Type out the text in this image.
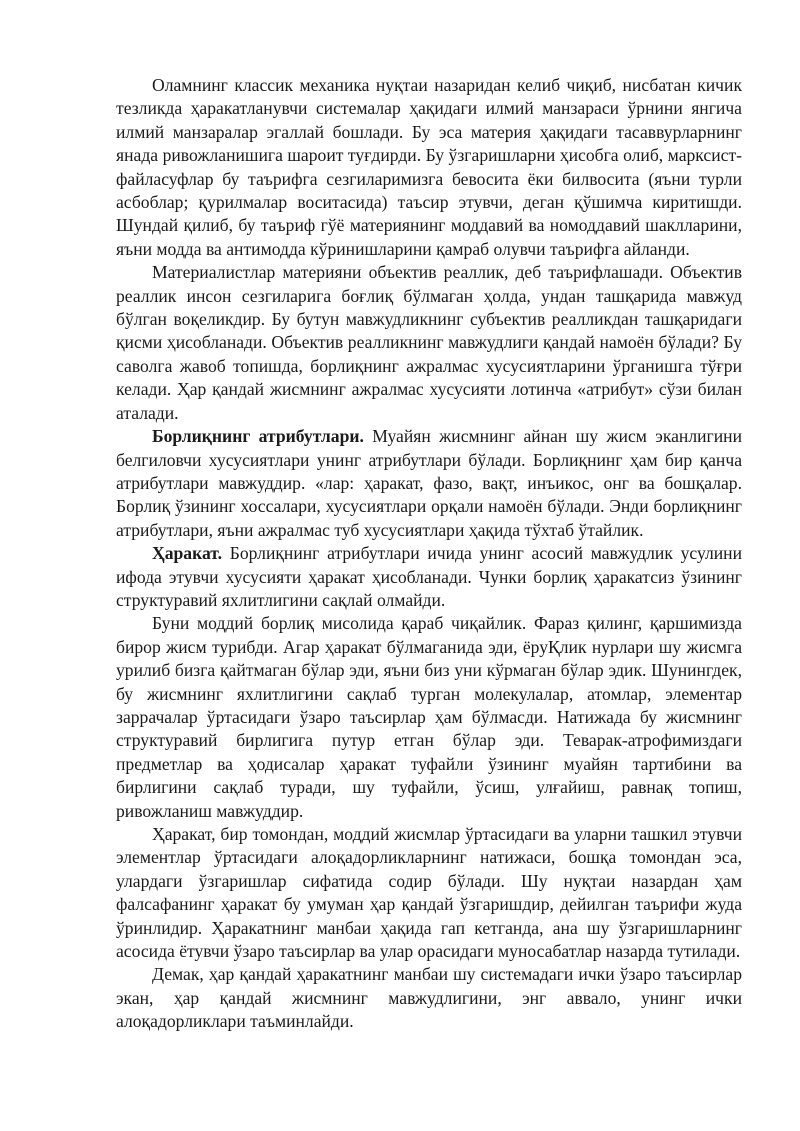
Оламнинг классик механика нуқтаи назаридан келиб чиқиб, нисбатан кичик тезликда ҳаракатланувчи системалар ҳақидаги илмий манзараси ўрнини янгича илмий манзаралар эгаллай бошлади. Бу эса материя ҳақидаги тасаввурларнинг янада ривожланишига шароит туғдирди. Бу ўзгаришларни ҳисобга олиб, марксист-файласуфлар бу таърифга сезгиларимизга бевосита ёки билвосита (яъни турли асбоблар; қурилмалар воситасида) таъсир этувчи, деган қўшимча киритишди. Шундай қилиб, бу таъриф гўё материянинг моддавий ва номоддавий шаклларини, яъни модда ва антимодда кўринишларини қамраб олувчи таърифга айланди.

Материалистлар материяни объектив реаллик, деб таърифлашади. Объектив реаллик инсон сезгиларига боғлиқ бўлмаган ҳолда, ундан ташқарида мавжуд бўлган воқеликдир. Бу бутун мавжудликнинг субъектив реалликдан ташқаридаги қисми ҳисобланади. Объектив реалликнинг мавжудлиги қандай намоён бўлади? Бу саволга жавоб топишда, борлиқнинг ажралмас хусусиятларини ўрганишга тўғри келади. Ҳар қандай жисмнинг ажралмас хусусияти лотинча «атрибут» сўзи билан аталади.

Борлиқнинг атрибутлари. Муайян жисмнинг айнан шу жисм эканлигини белгиловчи хусусиятлари унинг атрибутлари бўлади. Борлиқнинг ҳам бир қанча атрибутлари мавжуддир. «лар: ҳаракат, фазо, вақт, инъикос, онг ва бошқалар. Борлиқ ўзининг хоссалари, хусусиятлари орқали намоён бўлади. Энди борлиқнинг атрибутлари, яъни ажралмас туб хусусиятлари ҳақида тўхтаб ўтайлик.

Ҳаракат. Борлиқнинг атрибутлари ичида унинг асосий мавжудлик усулини ифода этувчи хусусияти ҳаракат ҳисобланади. Чунки борлиқ ҳаракатсиз ўзининг структуравий яхлитлигини сақлай олмайди.

Буни моддий борлиқ мисолида қараб чиқайлик. Фараз қилинг, қаршимизда бирор жисм турибди. Агар ҳаракат бўлмаганида эди, ёруҚлик нурлари шу жисмга урилиб бизга қайтмаган бўлар эди, яъни биз уни кўрмаган бўлар эдик. Шунингдек, бу жисмнинг яхлитлигини сақлаб турган молекулалар, атомлар, элементар заррачалар ўртасидаги ўзаро таъсирлар ҳам бўлмасди. Натижада бу жисмнинг структуравий бирлигига путур етган бўлар эди. Теварак-атрофимиздаги предметлар ва ҳодисалар ҳаракат туфайли ўзининг муайян тартибини ва бирлигини сақлаб туради, шу туфайли, ўсиш, улғайиш, равнақ топиш, ривожланиш мавжуддир.

Ҳаракат, бир томондан, моддий жисмлар ўртасидаги ва уларни ташкил этувчи элементлар ўртасидаги алоқадорликларнинг натижаси, бошқа томондан эса, улардаги ўзгаришлар сифатида содир бўлади. Шу нуқтаи назардан ҳам фалсафанинг ҳаракат бу умуман ҳар қандай ўзгаришдир, дейилган таърифи жуда ўринлидир. Ҳаракатнинг манбаи ҳақида гап кетганда, ана шу ўзгаришларнинг асосида ётувчи ўзаро таъсирлар ва улар орасидаги муносабатлар назарда тутилади.

Демак, ҳар қандай ҳаракатнинг манбаи шу системадаги ички ўзаро таъсирлар экан, ҳар қандай жисмнинг мавжудлигини, энг аввало, унинг ички алоқадорликлари таъминлайди.
